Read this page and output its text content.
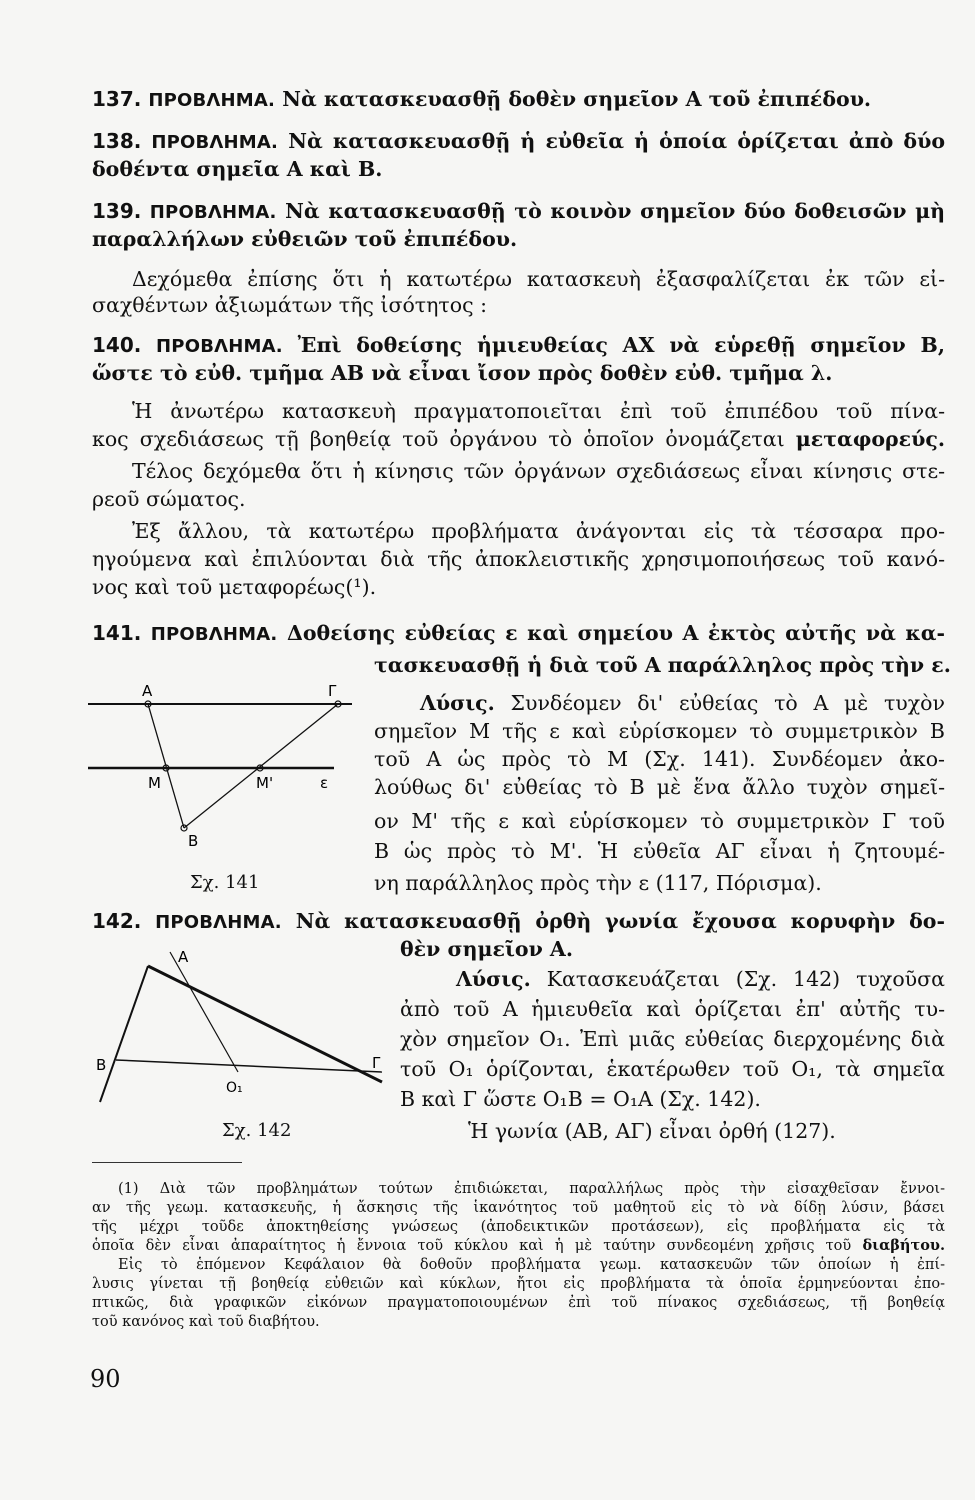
137. ΠΡΟΒΛΗΜΑ. Νὰ κατασκευασθῇ δοθὲν σημεῖον Α τοῦ ἐπιπέδου.
138. ΠΡΟΒΛΗΜΑ. Νὰ κατασκευασθῇ ἡ εὐθεῖα ἡ ὁποία ὁρίζεται ἀπὸ δύο
δοθέντα σημεῖα Α καὶ Β.
139. ΠΡΟΒΛΗΜΑ. Νὰ κατασκευασθῇ τὸ κοινὸν σημεῖον δύο δοθεισῶν μὴ
παραλλήλων εὐθειῶν τοῦ ἐπιπέδου.
Δεχόμεθα ἐπίσης ὅτι ἡ κατωτέρω κατασκευὴ ἐξασφαλίζεται ἐκ τῶν εἰ-
σαχθέντων ἀξιωμάτων τῆς ἰσότητος :
140. ΠΡΟΒΛΗΜΑ. Ἐπὶ δοθείσης ἡμιευθείας ΑΧ νὰ εὑρεθῇ σημεῖον Β,
ὥστε τὸ εὐθ. τμῆμα ΑΒ νὰ εἶναι ἴσον πρὸς δοθὲν εὐθ. τμῆμα λ.
Ἡ ἀνωτέρω κατασκευὴ πραγματοποιεῖται ἐπὶ τοῦ ἐπιπέδου τοῦ πίνα-
κος σχεδιάσεως τῇ βοηθείᾳ τοῦ ὀργάνου τὸ ὁποῖον ὀνομάζεται μεταφορεύς.
Τέλος δεχόμεθα ὅτι ἡ κίνησις τῶν ὀργάνων σχεδιάσεως εἶναι κίνησις στε-
ρεοῦ σώματος.
Ἐξ ἄλλου, τὰ κατωτέρω προβλήματα ἀνάγονται εἰς τὰ τέσσαρα προ-
ηγούμενα καὶ ἐπιλύονται διὰ τῆς ἀποκλειστικῆς χρησιμοποιήσεως τοῦ κανό-
νος καὶ τοῦ μεταφορέως(¹).
141. ΠΡΟΒΛΗΜΑ. Δοθείσης εὐθείας ε καὶ σημείου Α ἐκτὸς αὐτῆς νὰ κα-
τασκευασθῇ ἡ διὰ τοῦ Α παράλληλος πρὸς τὴν ε.
Λύσις. Συνδέομεν δι' εὐθείας τὸ Α μὲ τυχὸν
σημεῖον Μ τῆς ε καὶ εὑρίσκομεν τὸ συμμετρικὸν Β
τοῦ Α ὡς πρὸς τὸ Μ (Σχ. 141). Συνδέομεν ἀκο-
λούθως δι' εὐθείας τὸ Β μὲ ἕνα ἄλλο τυχὸν σημεῖ-
ον Μ' τῆς ε καὶ εὑρίσκομεν τὸ συμμετρικὸν Γ τοῦ
Β ὡς πρὸς τὸ Μ'. Ἡ εὐθεῖα ΑΓ εἶναι ἡ ζητουμέ-
νη παράλληλος πρὸς τὴν ε (117, Πόρισμα).
Α	Γ
Μ	Μ'	ε
Β
Σχ. 141
142. ΠΡΟΒΛΗΜΑ. Νὰ κατασκευασθῇ ὀρθὴ γωνία ἔχουσα κορυφὴν δο-
θὲν σημεῖον Α.
Λύσις. Κατασκευάζεται (Σχ. 142) τυχοῦσα
ἀπὸ τοῦ Α ἡμιευθεῖα καὶ ὁρίζεται ἐπ' αὐτῆς τυ-
χὸν σημεῖον Ο₁. Ἐπὶ μιᾶς εὐθείας διερχομένης διὰ
τοῦ Ο₁ ὁρίζονται, ἑκατέρωθεν τοῦ Ο₁, τὰ σημεῖα
Β καὶ Γ ὥστε Ο₁Β = Ο₁Α (Σχ. 142).
Ἡ γωνία (ΑΒ, ΑΓ) εἶναι ὀρθή (127).
Α
Β	Γ
Ο₁
Σχ. 142
(1) Διὰ τῶν προβλημάτων τούτων ἐπιδιώκεται, παραλλήλως πρὸς τὴν εἰσαχθεῖσαν ἔννοι-
αν τῆς γεωμ. κατασκευῆς, ἡ ἄσκησις τῆς ἱκανότητος τοῦ μαθητοῦ εἰς τὸ νὰ δίδῃ λύσιν, βάσει
τῆς μέχρι τοῦδε ἀποκτηθείσης γνώσεως (ἀποδεικτικῶν προτάσεων), εἰς προβλήματα εἰς τὰ
ὁποῖα δὲν εἶναι ἀπαραίτητος ἡ ἔννοια τοῦ κύκλου καὶ ἡ μὲ ταύτην συνδεομένη χρῆσις τοῦ διαβήτου.
Εἰς τὸ ἑπόμενον Κεφάλαιον θὰ δοθοῦν προβλήματα γεωμ. κατασκευῶν τῶν ὁποίων ἡ ἐπί-
λυσις γίνεται τῇ βοηθείᾳ εὐθειῶν καὶ κύκλων, ἤτοι εἰς προβλήματα τὰ ὁποῖα ἑρμηνεύονται ἐπο-
πτικῶς, διὰ γραφικῶν εἰκόνων πραγματοποιουμένων ἐπὶ τοῦ πίνακος σχεδιάσεως, τῇ βοηθείᾳ
τοῦ κανόνος καὶ τοῦ διαβήτου.
90
